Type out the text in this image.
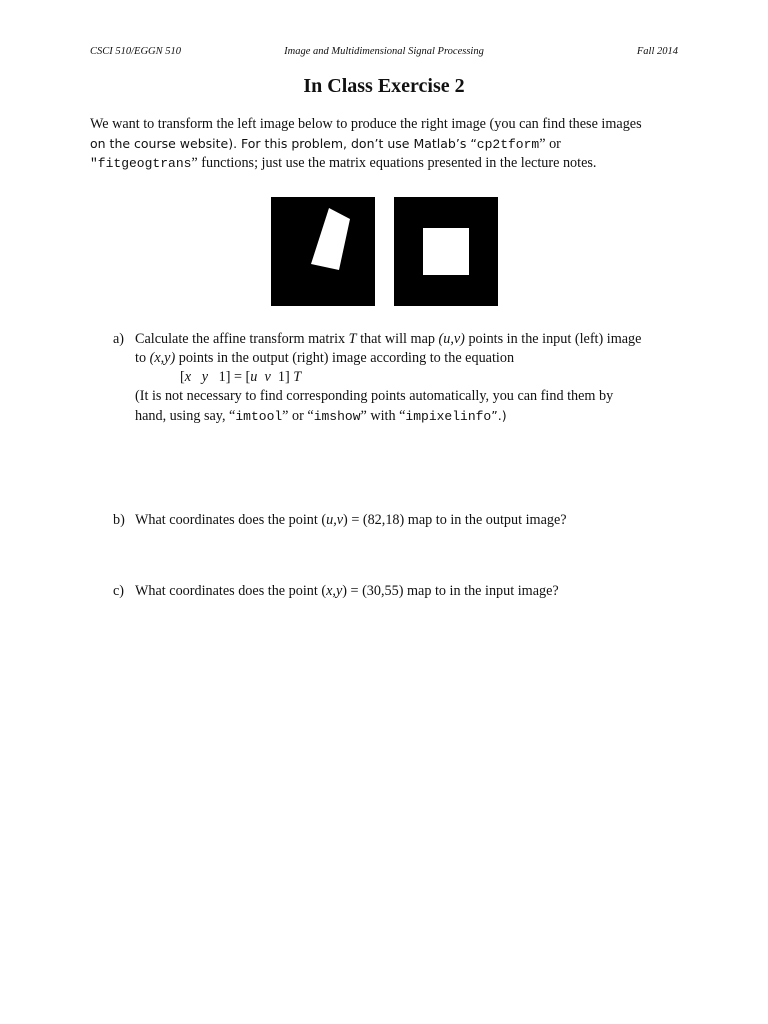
CSCI 510/EGGN 510	Image and Multidimensional Signal Processing	Fall 2014
In Class Exercise 2
We want to transform the left image below to produce the right image (you can find these images
on the course website). For this problem, don’t use Matlab’s “cp2tform” or
"fitgeogtrans” functions; just use the matrix equations presented in the lecture notes.
a) Calculate the affine transform matrix T that will map (u,v) points in the input (left) image
to (x,y) points in the output (right) image according to the equation
[x y 1] = [u v 1] T
(It is not necessary to find corresponding points automatically, you can find them by
hand, using say, “imtool” or “imshow” with “impixelinfo”.)
b) What coordinates does the point (u,v) = (82,18) map to in the output image?
c) What coordinates does the point (x,y) = (30,55) map to in the input image?
